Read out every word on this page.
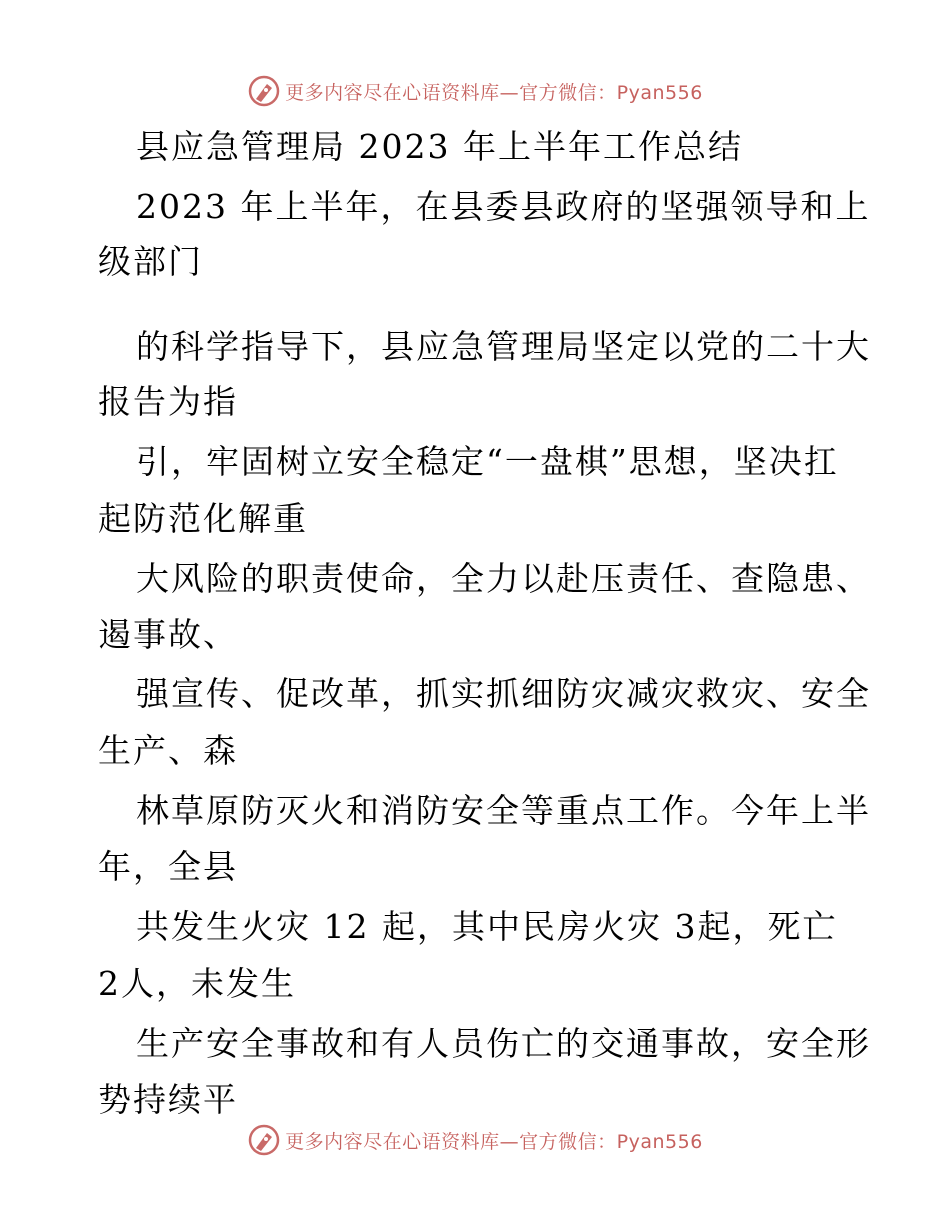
更多内容尽在心语资料库—官方微信：Pyan556
县应急管理局 2023 年上半年工作总结
2023 年上半年，在县委县政府的坚强领导和上
级部门
的科学指导下，县应急管理局坚定以党的二十大
报告为指
引，牢固树立安全稳定“一盘棋”思想，坚决扛
起防范化解重
大风险的职责使命，全力以赴压责任、查隐患、
遏事故、
强宣传、促改革，抓实抓细防灾减灾救灾、安全
生产、森
林草原防灭火和消防安全等重点工作。今年上半
年，全县
共发生火灾 12 起，其中民房火灾 3起，死亡
2人，未发生
生产安全事故和有人员伤亡的交通事故，安全形
势持续平
更多内容尽在心语资料库—官方微信：Pyan556
